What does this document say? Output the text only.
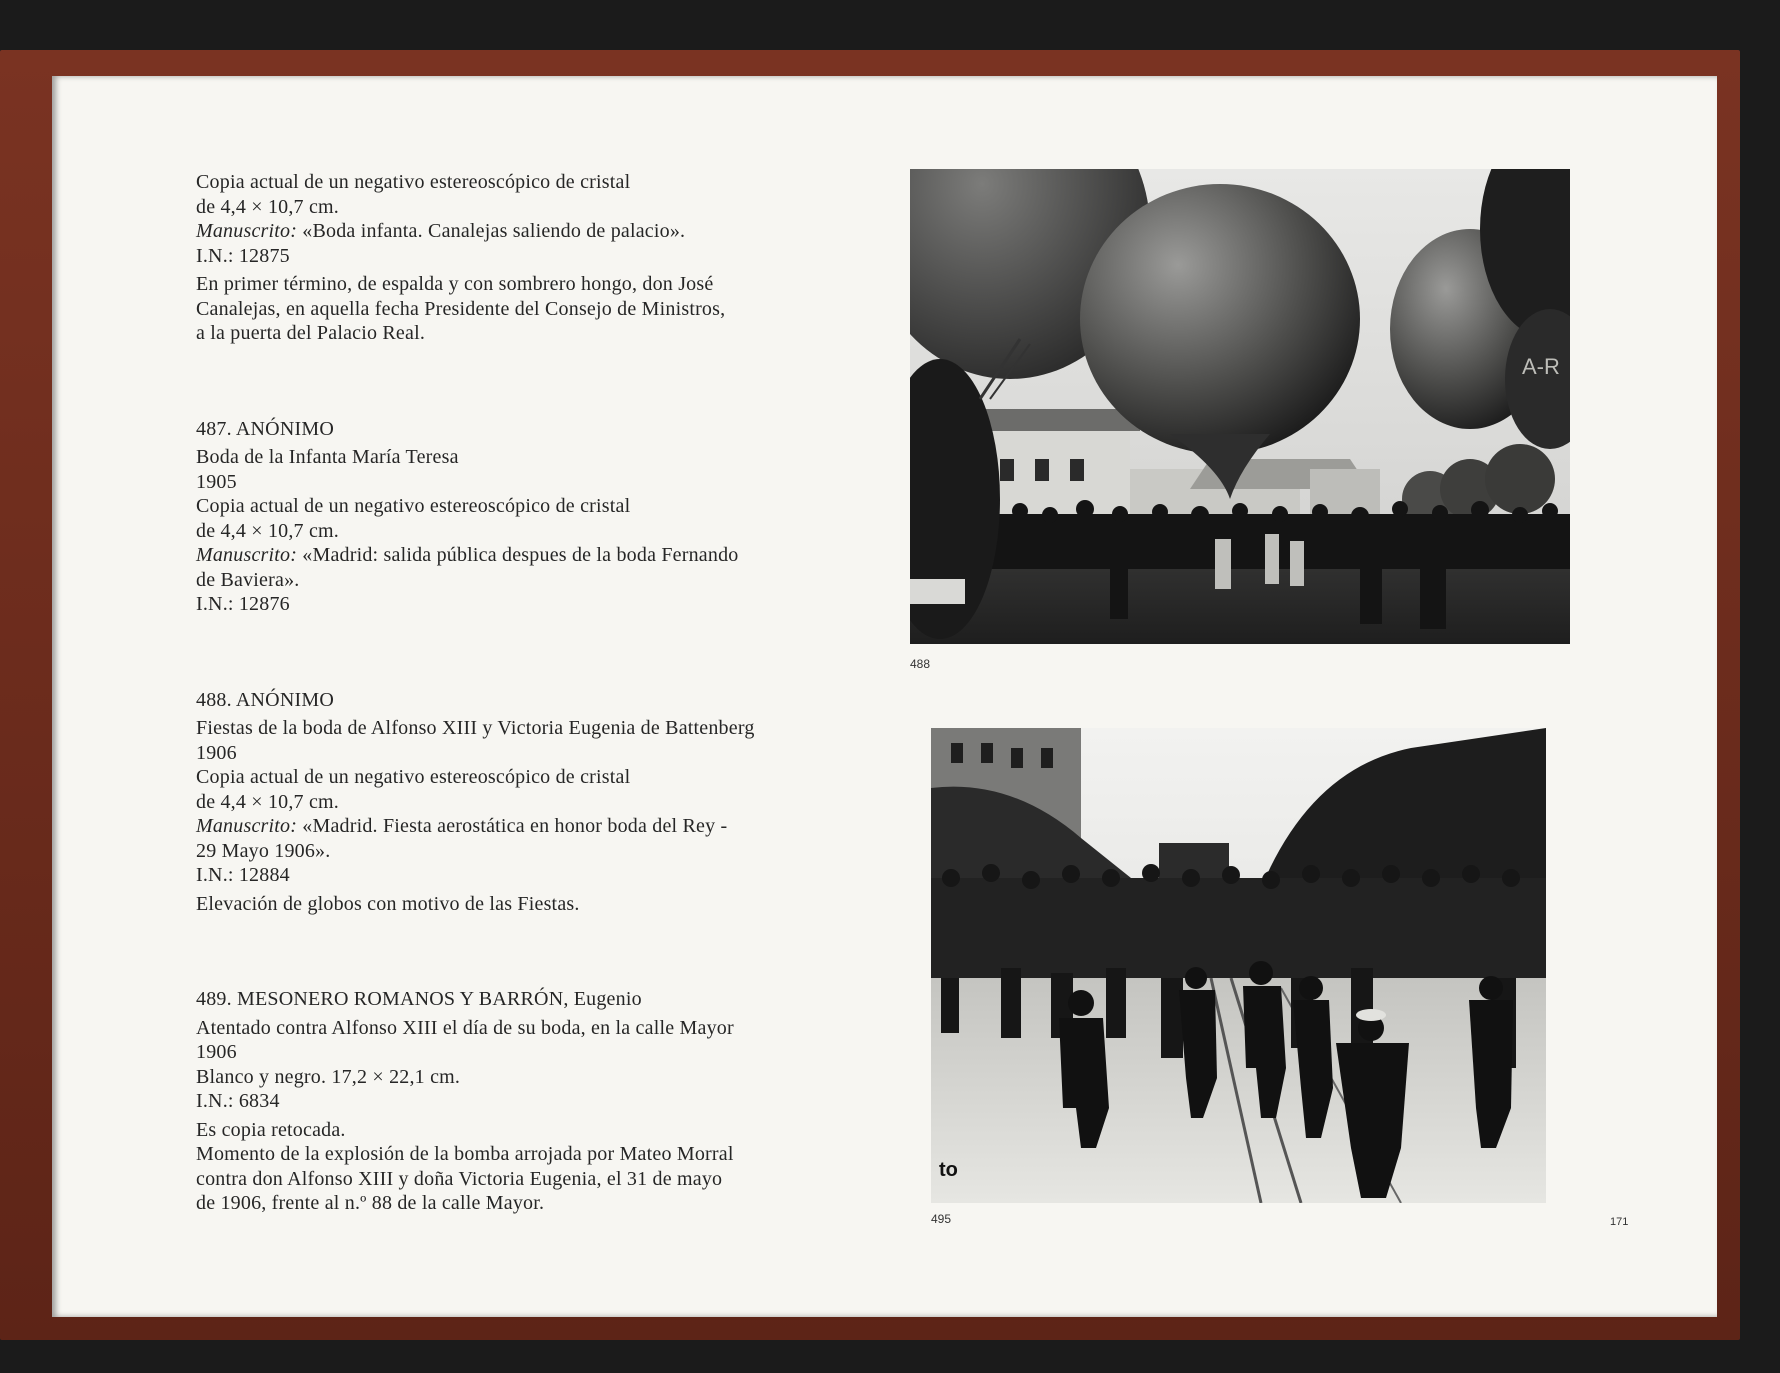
Copia actual de un negativo estereoscópico de cristal
de 4,4 × 10,7 cm.
Manuscrito: «Boda infanta. Canalejas saliendo de palacio».
I.N.: 12875
En primer término, de espalda y con sombrero hongo, don José
Canalejas, en aquella fecha Presidente del Consejo de Ministros,
a la puerta del Palacio Real.
487. ANÓNIMO
Boda de la Infanta María Teresa
1905
Copia actual de un negativo estereoscópico de cristal
de 4,4 × 10,7 cm.
Manuscrito: «Madrid: salida pública despues de la boda Fernando
de Baviera».
I.N.: 12876
488. ANÓNIMO
Fiestas de la boda de Alfonso XIII y Victoria Eugenia de Battenberg
1906
Copia actual de un negativo estereoscópico de cristal
de 4,4 × 10,7 cm.
Manuscrito: «Madrid. Fiesta aerostática en honor boda del Rey -
29 Mayo 1906».
I.N.: 12884
Elevación de globos con motivo de las Fiestas.
489. MESONERO ROMANOS Y BARRÓN, Eugenio
Atentado contra Alfonso XIII el día de su boda, en la calle Mayor
1906
Blanco y negro. 17,2 × 22,1 cm.
I.N.: 6834
Es copia retocada.
Momento de la explosión de la bomba arrojada por Mateo Morral
contra don Alfonso XIII y doña Victoria Eugenia, el 31 de mayo
de 1906, frente al n.º 88 de la calle Mayor.
A-R
488
to
495	171
